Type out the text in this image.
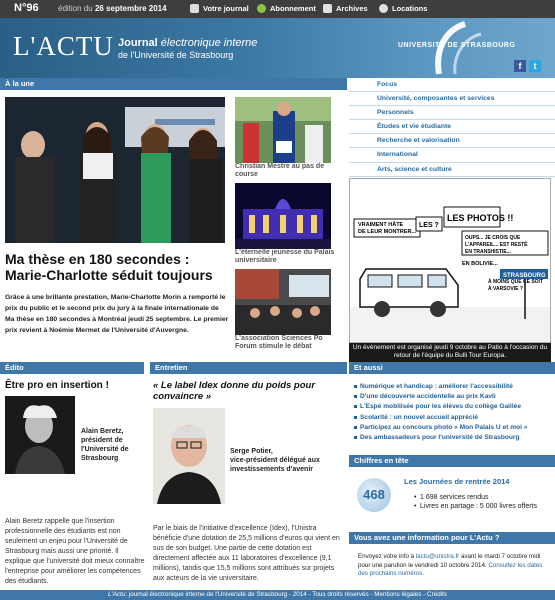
N°96 édition du 26 septembre 2014	Votre journal	Abonnement	Archives	Locations
L'ACTU Journal électronique interne
de l'Université de Strasbourg
UNIVERSITÉ DE STRASBOURG
f	t
À la une
Ma thèse en 180 secondes : Marie-Charlotte séduit toujours
Grâce à une brillante prestation, Marie-Charlotte Morin a remporté le prix du public et le second prix du jury à la finale internationale de Ma thèse en 180 secondes à Montréal jeudi 25 septembre. Le premier prix revient à Noémie Mermet de l'Université d'Auvergne.
Christian Mestre au pas de course
L'éternelle jeunesse du Palais universitaire
L'association Sciences Po Forum stimule le débat
Focus
Université, composantes et services
Personnels
Études et vie étudiante
Recherche et valorisation
International
Arts, science et culture
VRAIMENT HÂTE
DE LEUR MONTRER...
LES ?
LES PHOTOS !!
OUPS... JE CROIS QUE
L'APPAREIL... EST RESTÉ
EN TRANSHISTIE...
EN BOLIVIE...
À MOINS QUE CE SOIT
À VARSOVIE ?
STRASBOURG
Un événement est organisé jeudi 9 octobre au Patio à l'occasion du retour de l'équipe du Bulli Tour Europa.
Édito	Entretien	Et aussi
Être pro en insertion !
Alain Beretz,
président de l'Université de Strasbourg
Alain Beretz rappelle que l'insertion professionnelle des étudiants est non seulement un enjeu pour l'Université de Strasbourg mais aussi une priorité. Il explique que l'université doit mieux connaître l'entreprise pour améliorer les compétences des étudiants.
« Le label Idex donne du poids pour convaincre »
Serge Potier,
vice-président délégué aux investissements d'avenir
Par le biais de l'initiative d'excellence (Idex), l'Unistra bénéficie d'une dotation de 25,5 millions d'euros qui vient en sus de son budget. Une partie de cette dotation est directement affectée aux 11 laboratoires d'excellence (9,1 millions), tandis que 15,5 millions sont attribués sur projets aux acteurs de la vie universitaire.
Numérique et handicap : améliorer l'accessibilité
D'une découverte accidentelle au prix Kavli
L'Espé mobilisée pour les élèves du collège Galilée
Scolarité : un nouvel accueil apprécié
Participez au concours photo « Mon Palais U et moi »
Des ambassadeurs pour l'université de Strasbourg
Chiffres en tête
468
Les Journées de rentrée 2014
• 1 698 services rendus
• Livres en partage : 5 000 livres offerts
Vous avez une information pour L'Actu ?
Envoyez votre info à lactu@unistra.fr avant le mardi 7 octobre midi pour une parution le vendredi 10 octobre 2014. Consultez les dates des prochains numéros.
L'Actu: journal électronique interne de l'Université de Strasbourg - 2014 - Tous droits réservés - Mentions légales - Crédits
